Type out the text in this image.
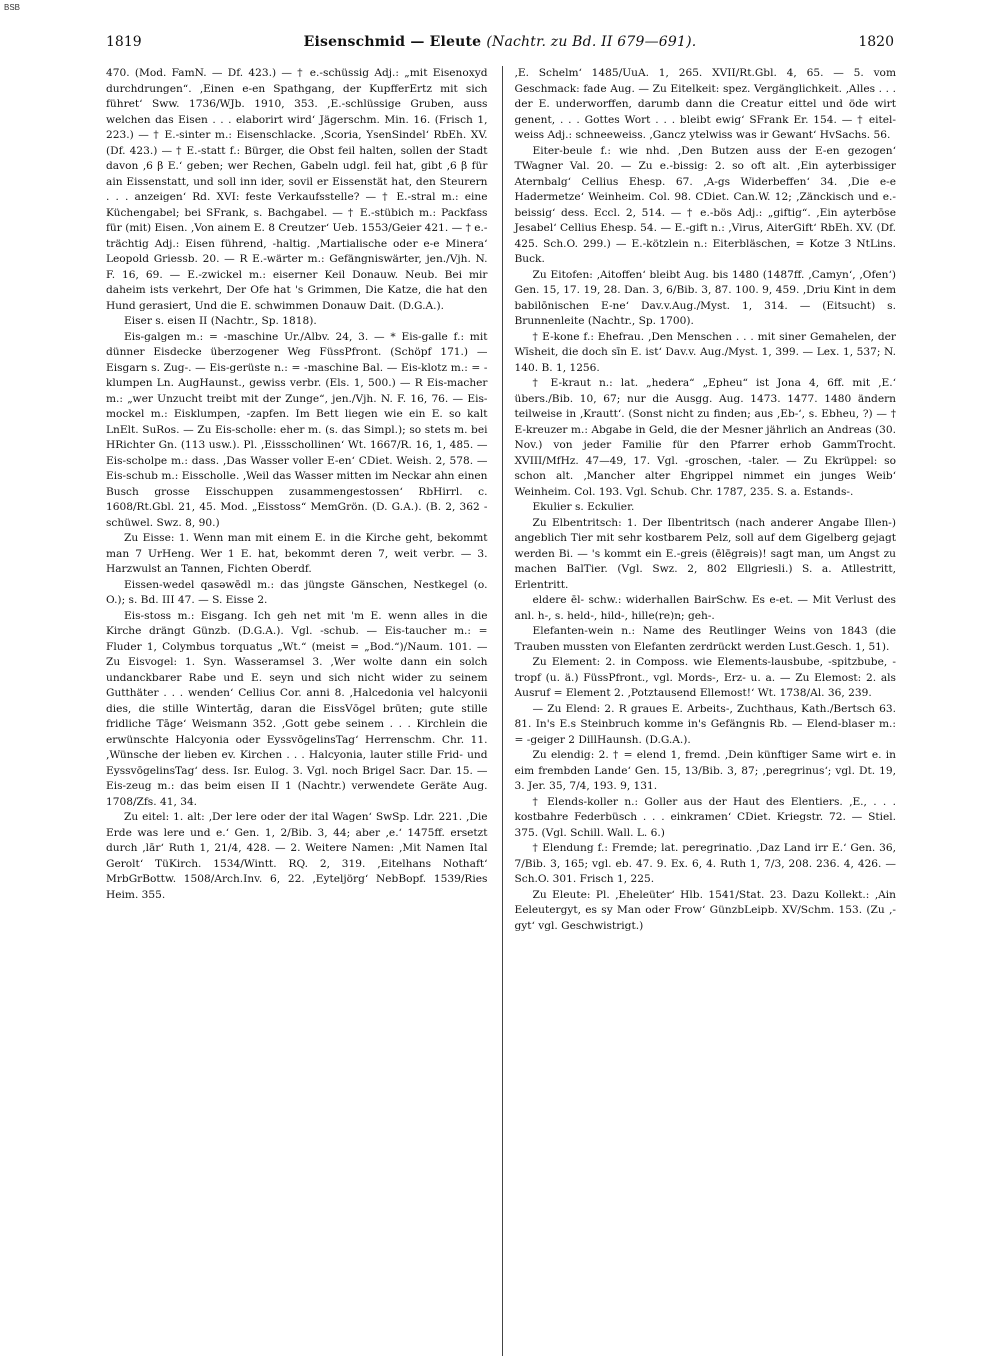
BSB
1819	Eisenschmid — Eleute (Nachtr. zu Bd. II 679—691).	1820

470. (Mod. FamN. — Df. 423.) — † e.-schüssig Adj.: „mit Eisenoxyd durchdrungen“. ‚Einen e-en Spathgang, der KupfferErtz mit sich führet‘ Sww. 1736/WJb. 1910, 353. ‚E.-schlüssige Gruben, auss welchen das Eisen . . . elaborirt wird‘ Jägerschm. Min. 16. (Frisch 1, 223.) — † E.-sinter m.: Eisenschlacke. ‚Scoria, YsenSindel‘ RbEh. XV. (Df. 423.) — † E.-statt f.: Bürger, die Obst feil halten, sollen der Stadt davon ‚6 β E.‘ geben; wer Rechen, Gabeln udgl. feil hat, gibt ‚6 β für ain Eissenstatt, und soll inn ider, sovil er Eissenstät hat, den Steurern . . . anzeigen‘ Rd. XVI: feste Verkaufsstelle? — † E.-stral m.: eine Küchengabel; bei SFrank, s. Bachgabel. — † E.-stübich m.: Packfass für (mit) Eisen. ‚Von ainem E. 8 Creutzer‘ Ueb. 1553/Geier 421. — † e.-trächtig Adj.: Eisen führend, -haltig. ‚Martialische oder e-e Minera‘ Leopold Griessb. 20. — R E.-wärter m.: Gefängniswärter, jen./Vjh. N. F. 16, 69. — E.-zwickel m.: eiserner Keil Donauw. Neub. Bei mir daheim ists verkehrt, Der Ofe hat 's Grimmen, Die Katze, die hat den Hund gerasiert, Und die E. schwimmen Donauw Dait. (D.G.A.).

Eiser s. eisen II (Nachtr., Sp. 1818).

Eis-galgen m.: = -maschine Ur./Albv. 24, 3. — * Eis-galle f.: mit dünner Eisdecke überzogener Weg FüssPfront. (Schöpf 171.) — Eisgarn s. Zug-. — Eis-gerüste n.: = -maschine Bal. — Eis-klotz m.: = -klumpen Ln. AugHaunst., gewiss verbr. (Els. 1, 500.) — R Eis-macher m.: „wer Unzucht treibt mit der Zunge“, jen./Vjh. N. F. 16, 76. — Eis-mockel m.: Eisklumpen, -zapfen. Im Bett liegen wie ein E. so kalt LnElt. SuRos. — Zu Eis-scholle: eher m. (s. das Simpl.); so stets m. bei HRichter Gn. (113 usw.). Pl. ‚Eissschollinen‘ Wt. 1667/R. 16, 1, 485. — Eis-scholpe m.: dass. ‚Das Wasser voller E-en‘ CDiet. Weish. 2, 578. — Eis-schub m.: Eisscholle. ‚Weil das Wasser mitten im Neckar ahn einen Busch grosse Eisschuppen zusammengestossen‘ RbHirrl. c. 1608/Rt.Gbl. 21, 45. Mod. „Eisstoss“ MemGrön. (D. G.A.). (B. 2, 362 -schüwel. Swz. 8, 90.)

Zu Eisse: 1. Wenn man mit einem E. in die Kirche geht, bekommt man 7 UrHeng. Wer 1 E. hat, bekommt deren 7, weit verbr. — 3. Harzwulst an Tannen, Fichten Oberdf.

Eissen-wedel qasəwēdl m.: das jüngste Gänschen, Nestkegel (o. O.); s. Bd. III 47. — S. Eisse 2.

Eis-stoss m.: Eisgang. Ich geh net mit 'm E. wenn alles in die Kirche drängt Günzb. (D.G.A.). Vgl. -schub. — Eis-taucher m.: = Fluder 1, Colymbus torquatus „Wt.“ (meist = „Bod.“)/Naum. 101. — Zu Eisvogel: 1. Syn. Wasseramsel 3. ‚Wer wolte dann ein solch undanckbarer Rabe und E. seyn und sich nicht wider zu seinem Gutthäter . . . wenden‘ Cellius Cor. anni 8. ‚Halcedonia vel halcyonii dies, die stille Wintertāg, daran die EissVōgel brūten; gute stille fridliche Tāge‘ Weismann 352. ‚Gott gebe seinem . . . Kirchlein die erwünschte Halcyonia oder EyssvōgelinsTag‘ Herrenschm. Chr. 11. ‚Wünsche der lieben ev. Kirchen . . . Halcyonia, lauter stille Frid- und EyssvōgelinsTag‘ dess. Isr. Eulog. 3. Vgl. noch Brigel Sacr. Dar. 15. — Eis-zeug m.: das beim eisen II 1 (Nachtr.) verwendete Geräte Aug. 1708/Zfs. 41, 34.

Zu eitel: 1. alt: ‚Der lere oder der ital Wagen‘ SwSp. Ldr. 221. ‚Die Erde was lere und e.‘ Gen. 1, 2/Bib. 3, 44; aber ‚e.‘ 1475ff. ersetzt durch ‚lār‘ Ruth 1, 21/4, 428. — 2. Weitere Namen: ‚Mit Namen Ital Gerolt‘ TüKirch. 1534/Wintt. RQ. 2, 319. ‚Eitelhans Nothaft‘ MrbGrBottw. 1508/Arch.Inv. 6, 22. ‚Eyteljörg‘ NebBopf. 1539/Ries Heim. 355.

‚E. Schelm‘ 1485/UuA. 1, 265. XVII/Rt.Gbl. 4, 65. — 5. vom Geschmack: fade Aug. — Zu Eitelkeit: spez. Vergänglichkeit. ‚Alles . . . der E. underworffen, darumb dann die Creatur eittel und öde wirt genent, . . . Gottes Wort . . . bleibt ewig‘ SFrank Er. 154. — † eitel-weiss Adj.: schneeweiss. ‚Gancz ytelwiss was ir Gewant‘ HvSachs. 56.

Eiter-beule f.: wie nhd. ‚Den Butzen auss der E-en gezogen‘ TWagner Val. 20. — Zu e.-bissig: 2. so oft alt. ‚Ein ayterbissiger Aternbalg‘ Cellius Ehesp. 67. ‚A-gs Widerbeffen‘ 34. ‚Die e-e Hadermetze‘ Weinheim. Col. 98. CDiet. Can.W. 12; ‚Zänckisch und e.-beissig‘ dess. Eccl. 2, 514. — † e.-bös Adj.: „giftig“. ‚Ein ayterbōse Jesabel‘ Cellius Ehesp. 54. — E.-gift n.: ‚Virus, AiterGift‘ RbEh. XV. (Df. 425. Sch.O. 299.) — E.-kötzlein n.: Eiterbläschen, = Kotze 3 NtLins. Buck.

Zu Eitofen: ‚Aitoffen‘ bleibt Aug. bis 1480 (1487ff. ‚Camyn‘, ‚Ofen‘) Gen. 15, 17. 19, 28. Dan. 3, 6/Bib. 3, 87. 100. 9, 459. ‚Driu Kint in dem babilōnischen E-ne‘ Dav.v.Aug./Myst. 1, 314. — (Eitsucht) s. Brunnenleite (Nachtr., Sp. 1700).

† E-kone f.: Ehefrau. ‚Den Menschen . . . mit siner Gemahelen, der Wīsheit, die doch sīn E. ist‘ Dav.v. Aug./Myst. 1, 399. — Lex. 1, 537; N. 140. B. 1, 1256.

† E-kraut n.: lat. „hedera“ „Epheu“ ist Jona 4, 6ff. mit ‚E.‘ übers./Bib. 10, 67; nur die Ausgg. Aug. 1473. 1477. 1480 ändern teilweise in ‚Krautt‘. (Sonst nicht zu finden; aus ‚Eb-‘, s. Ebheu, ?) — † E-kreuzer m.: Abgabe in Geld, die der Mesner jährlich an Andreas (30. Nov.) von jeder Familie für den Pfarrer erhob GammTrocht. XVIII/MfHz. 47—49, 17. Vgl. -groschen, -taler. — Zu Ekrüppel: so schon alt. ‚Mancher alter Ehgrippel nimmet ein junges Weib‘ Weinheim. Col. 193. Vgl. Schub. Chr. 1787, 235. S. a. Estands-.

Ekulier s. Eckulier.

Zu Elbentritsch: 1. Der Ilbentritsch (nach anderer Angabe Illen-) angeblich Tier mit sehr kostbarem Pelz, soll auf dem Gigelberg gejagt werden Bi. — 's kommt ein E.-greis (ēlēgrəis)! sagt man, um Angst zu machen BalTier. (Vgl. Swz. 2, 802 Ellgriesli.) S. a. Atllestritt, Erlentritt.

eldere ēl- schw.: widerhallen BairSchw. Es e-et. — Mit Verlust des anl. h-, s. held-, hild-, hille(re)n; geh-.

Elefanten-wein n.: Name des Reutlinger Weins von 1843 (die Trauben mussten von Elefanten zerdrückt werden Lust.Gesch. 1, 51).

Zu Element: 2. in Composs. wie Elements-lausbube, -spitzbube, -tropf (u. ä.) FüssPfront., vgl. Mords-, Erz- u. a. — Zu Elemost: 2. als Ausruf = Element 2. ‚Potztausend Ellemost!‘ Wt. 1738/Al. 36, 239.

— Zu Elend: 2. R graues E. Arbeits-, Zuchthaus, Kath./Bertsch 63. 81. In's E.s Steinbruch komme in's Gefängnis Rb. — Elend-blaser m.: = -geiger 2 DillHaunsh. (D.G.A.).

Zu elendig: 2. † = elend 1, fremd. ‚Dein künftiger Same wirt e. in eim frembden Lande‘ Gen. 15, 13/Bib. 3, 87; ‚peregrinus‘; vgl. Dt. 19, 3. Jer. 35, 7/4, 193. 9, 131.

† Elends-koller n.: Goller aus der Haut des Elentiers. ‚E., . . . kostbahre Federbüsch . . . einkramen‘ CDiet. Kriegstr. 72. — Stiel. 375. (Vgl. Schill. Wall. L. 6.)

† Elendung f.: Fremde; lat. peregrinatio. ‚Daz Land irr E.‘ Gen. 36, 7/Bib. 3, 165; vgl. eb. 47. 9. Ex. 6, 4. Ruth 1, 7/3, 208. 236. 4, 426. — Sch.O. 301. Frisch 1, 225.

Zu Eleute: Pl. ‚Eheleüter‘ Hlb. 1541/Stat. 23. Dazu Kollekt.: ‚Ain Eeleutergyt, es sy Man oder Frow‘ GünzbLeipb. XV/Schm. 153. (Zu ‚-gyt‘ vgl. Geschwistrigt.)
